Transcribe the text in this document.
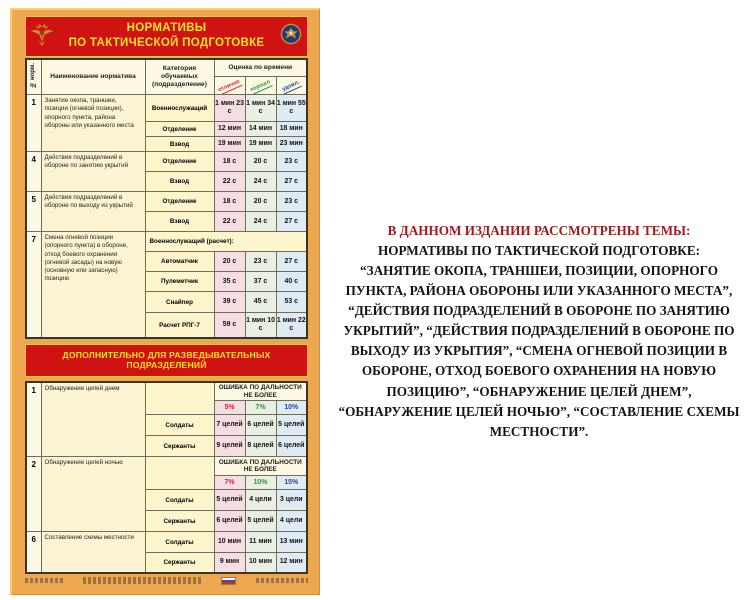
НОРМАТИВЫ
ПО ТАКТИЧЕСКОЙ ПОДГОТОВКЕ
№ норм.	Наименование норматива	Категория обучаемых (подразделение)	Оценка по времени		
			отлично	хорошо	удовл.
1	Занятие окопа, траншеи, позиции (огневой позиции), опорного пункта, района обороны или указанного места	Военнослужащий	1 мин 23 с	1 мин 34 с	1 мин 55 с
		Отделение	12 мин	14 мин	18 мин
		Взвод	19 мин	19 мин	23 мин
4	Действия подразделений в обороне по занятию укрытий	Отделение	18 с	20 с	23 с
		Взвод	22 с	24 с	27 с
5	Действия подразделений в обороне по выходу из укрытий	Отделение	18 с	20 с	23 с
		Взвод	22 с	24 с	27 с
7	Смена огневой позиции (опорного пункта) в обороне, отход боевого охранения (огневой засады) на новую (основную или запасную) позицию	Военнослужащий (расчет):			
		Автоматчик	20 с	23 с	27 с
		Пулеметчик	35 с	37 с	40 с
		Снайпер	39 с	45 с	53 с
		Расчет РПГ-7	59 с	1 мин 10 с	1 мин 22 с
ДОПОЛНИТЕЛЬНО ДЛЯ РАЗВЕДЫВАТЕЛЬНЫХ ПОДРАЗДЕЛЕНИЙ
1	Обнаружение целей днем		ОШИБКА ПО ДАЛЬНОСТИ НЕ БОЛЕЕ		
			5%	7%	10%
		Солдаты	7 целей	6 целей	5 целей
		Сержанты	9 целей	8 целей	6 целей
2	Обнаружение целей ночью		ОШИБКА ПО ДАЛЬНОСТИ НЕ БОЛЕЕ		
			7%	10%	15%
		Солдаты	5 целей	4 цели	3 цели
		Сержанты	6 целей	5 целей	4 цели
6	Составление схемы местности	Солдаты	10 мин	11 мин	13 мин
		Сержанты	9 мин	10 мин	12 мин
В ДАННОМ ИЗДАНИИ РАССМОТРЕНЫ ТЕМЫ:
НОРМАТИВЫ ПО ТАКТИЧЕСКОЙ ПОДГОТОВКЕ:
“ЗАНЯТИЕ ОКОПА, ТРАНШЕИ, ПОЗИЦИИ, ОПОРНОГО ПУНКТА, РАЙОНА ОБОРОНЫ ИЛИ УКАЗАННОГО МЕСТА”, “ДЕЙСТВИЯ ПОДРАЗДЕЛЕНИЙ В ОБОРОНЕ ПО ЗАНЯТИЮ УКРЫТИЙ”, “ДЕЙСТВИЯ ПОДРАЗДЕЛЕНИЙ В ОБОРОНЕ ПО ВЫХОДУ ИЗ УКРЫТИЯ”, “СМЕНА ОГНЕВОЙ ПОЗИЦИИ В ОБОРОНЕ, ОТХОД БОЕВОГО ОХРАНЕНИЯ НА НОВУЮ ПОЗИЦИЮ”, “ОБНАРУЖЕНИЕ ЦЕЛЕЙ ДНЕМ”, “ОБНАРУЖЕНИЕ ЦЕЛЕЙ НОЧЬЮ”, “СОСТАВЛЕНИЕ СХЕМЫ МЕСТНОСТИ”.
